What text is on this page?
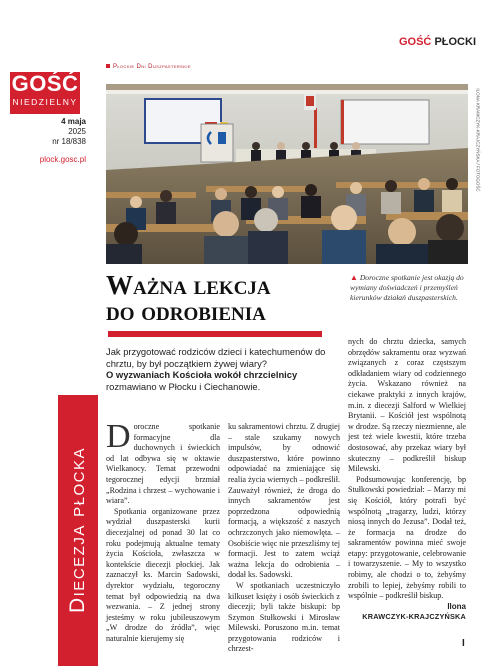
GOŚĆ
NIEDZIELNY
4 maja
2025
nr 18/838
plock.gosc.pl
Diecezja płocka
GOŚĆ PŁOCKI
Płockie Dni Duszpasterskie
ILONA KRAWCZYK-KRAJCZYŃSKA / FOTOGOŚĆ
Ważna lekcja
do odrobienia
▲ Doroczne spotkanie jest okazją do wymiany doświadczeń i przemyśleń kierunków działań duszpasterskich.
Jak przygotować rodziców dzieci i katechumenów do chrztu, by był początkiem żywej wiary?
O wyzwaniach Kościoła wokół chrzcielnicy
rozmawiano w Płocku i Ciechanowie.

Doroczne spotkanie formacyjne dla duchownych i świeckich od lat odbywa się w oktawie Wielkanocy. Temat przewodni tegorocznej edycji brzmiał „Rodzina i chrzest – wychowanie i wiara”.

Spotkania organizowane przez wydział duszpasterski kurii diecezjalnej od ponad 30 lat co roku podejmują aktualne tematy życia Kościoła, zwłaszcza w kontekście diecezji płockiej. Jak zaznaczył ks. Marcin Sadowski, dyrektor wydziału, tegoroczny temat był odpowiedzią na dwa wezwania. – Z jednej strony jesteśmy w roku jubileuszowym „W drodze do źródła”, więc naturalnie kierujemy się

ku sakramentowi chrztu. Z drugiej – stale szukamy nowych impulsów, by odnowić duszpasterstwo, które powinno odpowiadać na zmieniające się realia życia wiernych – podkreślił. Zauważył również, że droga do innych sakramentów jest poprzedzona odpowiednią formacją, a większość z naszych ochrzczonych jako niemowlęta. – Osobiście więc nie przeszliśmy tej formacji. Jest to zatem wciąż ważna lekcja do odrobienia – dodał ks. Sadowski.

W spotkaniach uczestniczyło kilkuset księży i osób świeckich z diecezji; byli także biskupi: bp Szymon Stułkowski i Mirosław Milewski. Poruszono m.in. temat przygotowania rodziców i chrzest-

nych do chrztu dziecka, samych obrzędów sakramentu oraz wyzwań związanych z coraz częstszym odkładaniem wiary od codziennego życia. Wskazano również na ciekawe praktyki z innych krajów, m.in. z diecezji Salford w Wielkiej Brytanii. – Kościół jest wspólnotą w drodze. Są rzeczy niezmienne, ale jest też wiele kwestii, które trzeba dostosować, aby przekaz wiary był skuteczny – podkreślił biskup Milewski.

Podsumowując konferencję, bp Stułkowski powiedział: – Marzy mi się Kościół, który potrafi być wspólnotą „tragarzy, ludzi, którzy niosą innych do Jezusa”. Dodał też, że formacja na drodze do sakramentów powinna mieć swoje etapy: przygotowanie, celebrowanie i towarzyszenie. – My to wszystko robimy, ale chodzi o to, żebyśmy zrobili to lepiej, żebyśmy robili to wspólnie – podkreślił biskup.

Ilona
KRAWCZYK-KRAJCZYŃSKA
I
